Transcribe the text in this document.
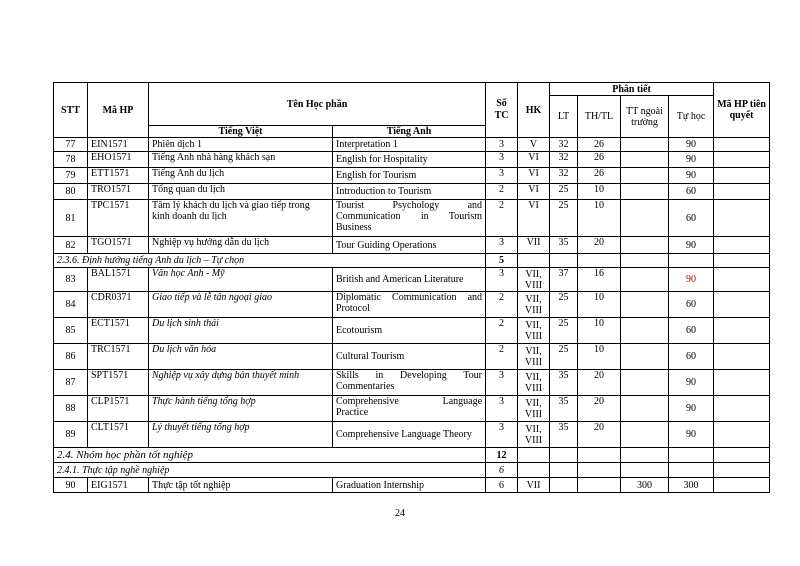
STT	Mã HP	Tên Học phần		Số TC	HK	Phân tiết				Mã HP tiên quyết
						LT	TH/TL	TT ngoài trường	Tự học	
		Tiếng Việt	Tiếng Anh							
77	EIN1571	Phiên dịch 1	Interpretation 1	3	V	32	26		90	
78	EHO1571	Tiếng Anh nhà hàng khách sạn	English for Hospitality	3	VI	32	26		90	
79	ETT1571	Tiếng Anh du lịch	English for Tourism	3	VI	32	26		90	
80	TRO1571	Tổng quan du lịch	Introduction to Tourism	2	VI	25	10		60	
81	TPC1571	Tâm lý khách du lịch và giao tiếp trong kinh doanh du lịch	Tourist Psychology and
Communication in Tourism
Business	2	VI	25	10		60	
82	TGO1571	Nghiệp vụ hướng dẫn du lịch	Tour Guiding Operations	3	VII	35	20		90	
2.3.6. Định hướng tiếng Anh du lịch – Tự chọn				5						
83	BAL1571	Văn học Anh - Mỹ	British and American Literature	3	VII, VIII	37	16		90	
84	CDR0371	Giao tiếp và lễ tân ngoại giao	Diplomatic Communication and
Protocol	2	VII, VIII	25	10		60	
85	ECT1571	Du lịch sinh thái	Ecotourism	2	VII, VIII	25	10		60	
86	TRC1571	Du lịch văn hóa	Cultural Tourism	2	VII, VIII	25	10		60	
87	SPT1571	Nghiệp vụ xây dựng bản thuyết minh	Skills in Developing Tour
Commentaries	3	VII, VIII	35	20		90	
88	CLP1571	Thực hành tiếng tổng hợp	Comprehensive Language
Practice	3	VII, VIII	35	20		90	
89	CLT1571	Lý thuyết tiếng tổng hợp	Comprehensive Language Theory	3	VII, VIII	35	20		90	
2.4. Nhóm học phần tốt nghiệp				12						
2.4.1. Thực tập nghề nghiệp				6						
90	EIG1571	Thực tập tốt nghiệp	Graduation Internship	6	VII			300	300	
24
